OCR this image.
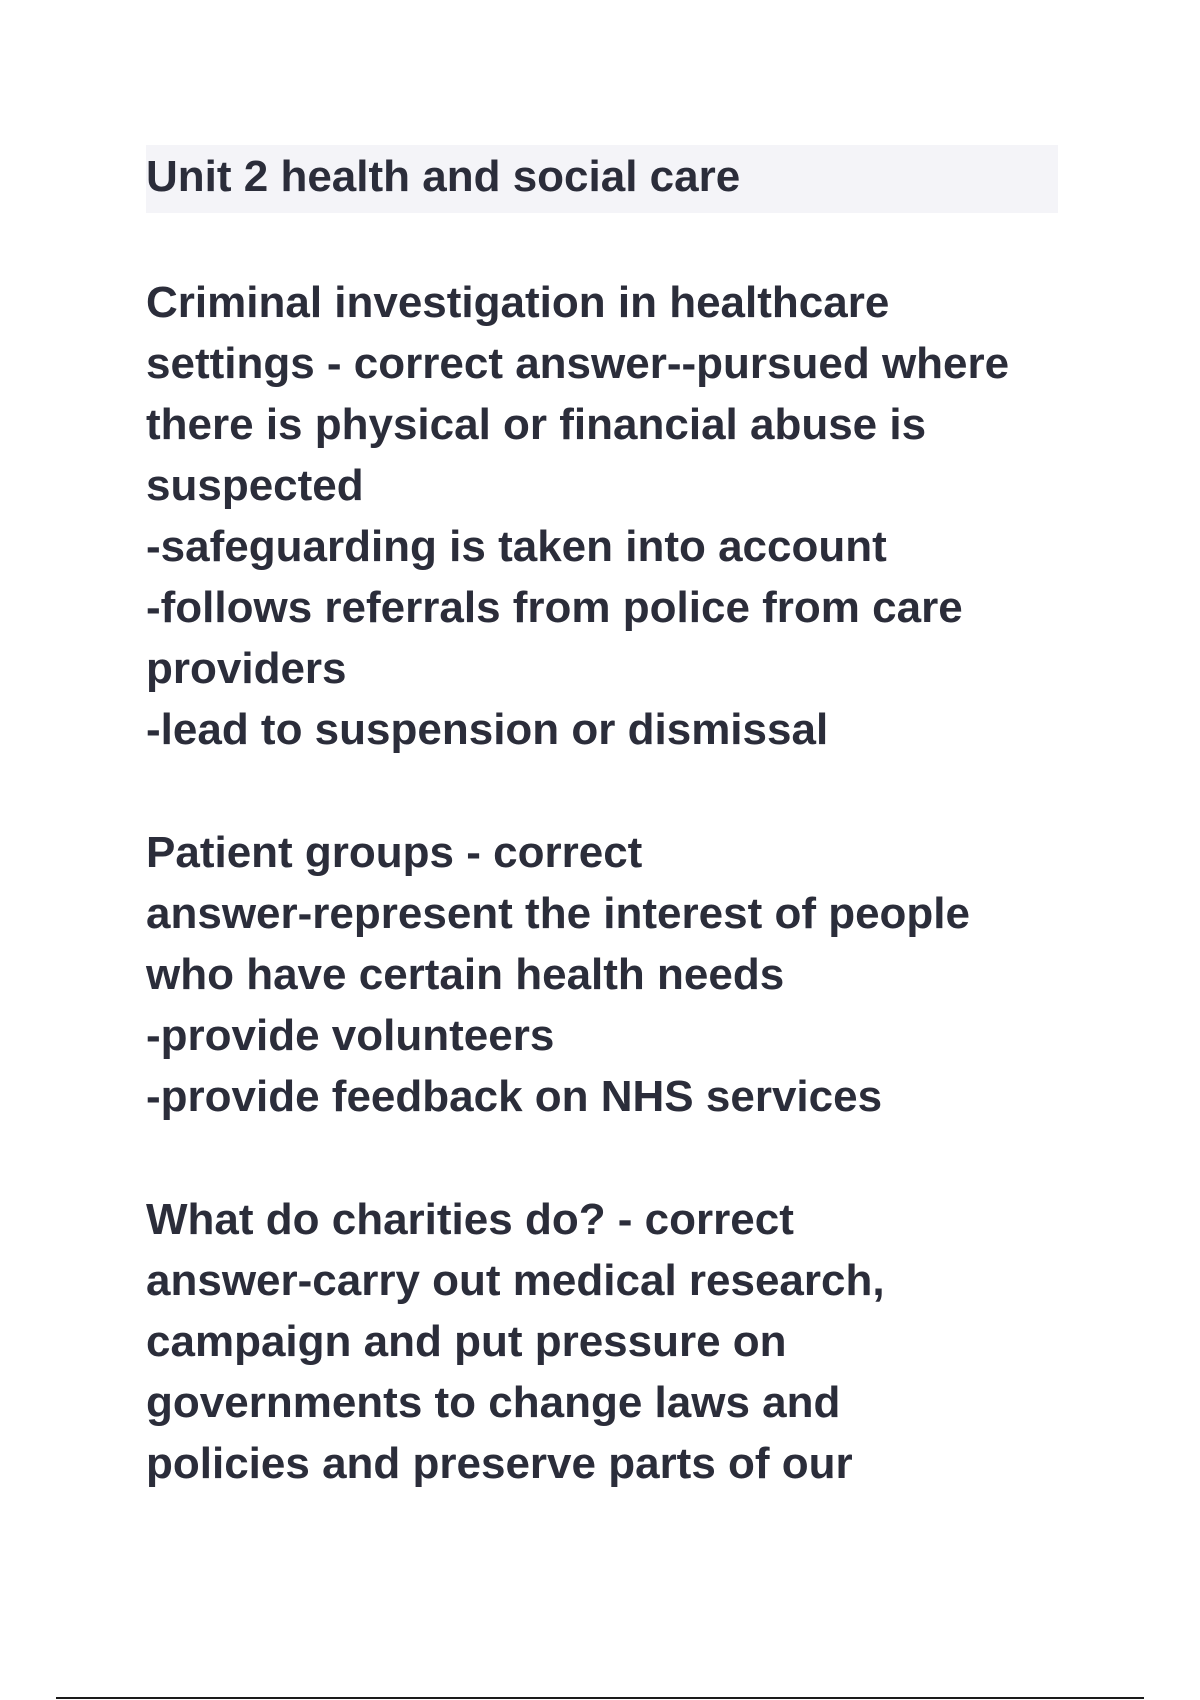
Unit 2 health and social care

Criminal investigation in healthcare
settings - correct answer--pursued where
there is physical or financial abuse is
suspected
-safeguarding is taken into account
-follows referrals from police from care
providers
-lead to suspension or dismissal

Patient groups - correct
answer-represent the interest of people
who have certain health needs
-provide volunteers
-provide feedback on NHS services

What do charities do? - correct
answer-carry out medical research,
campaign and put pressure on
governments to change laws and
policies and preserve parts of our
